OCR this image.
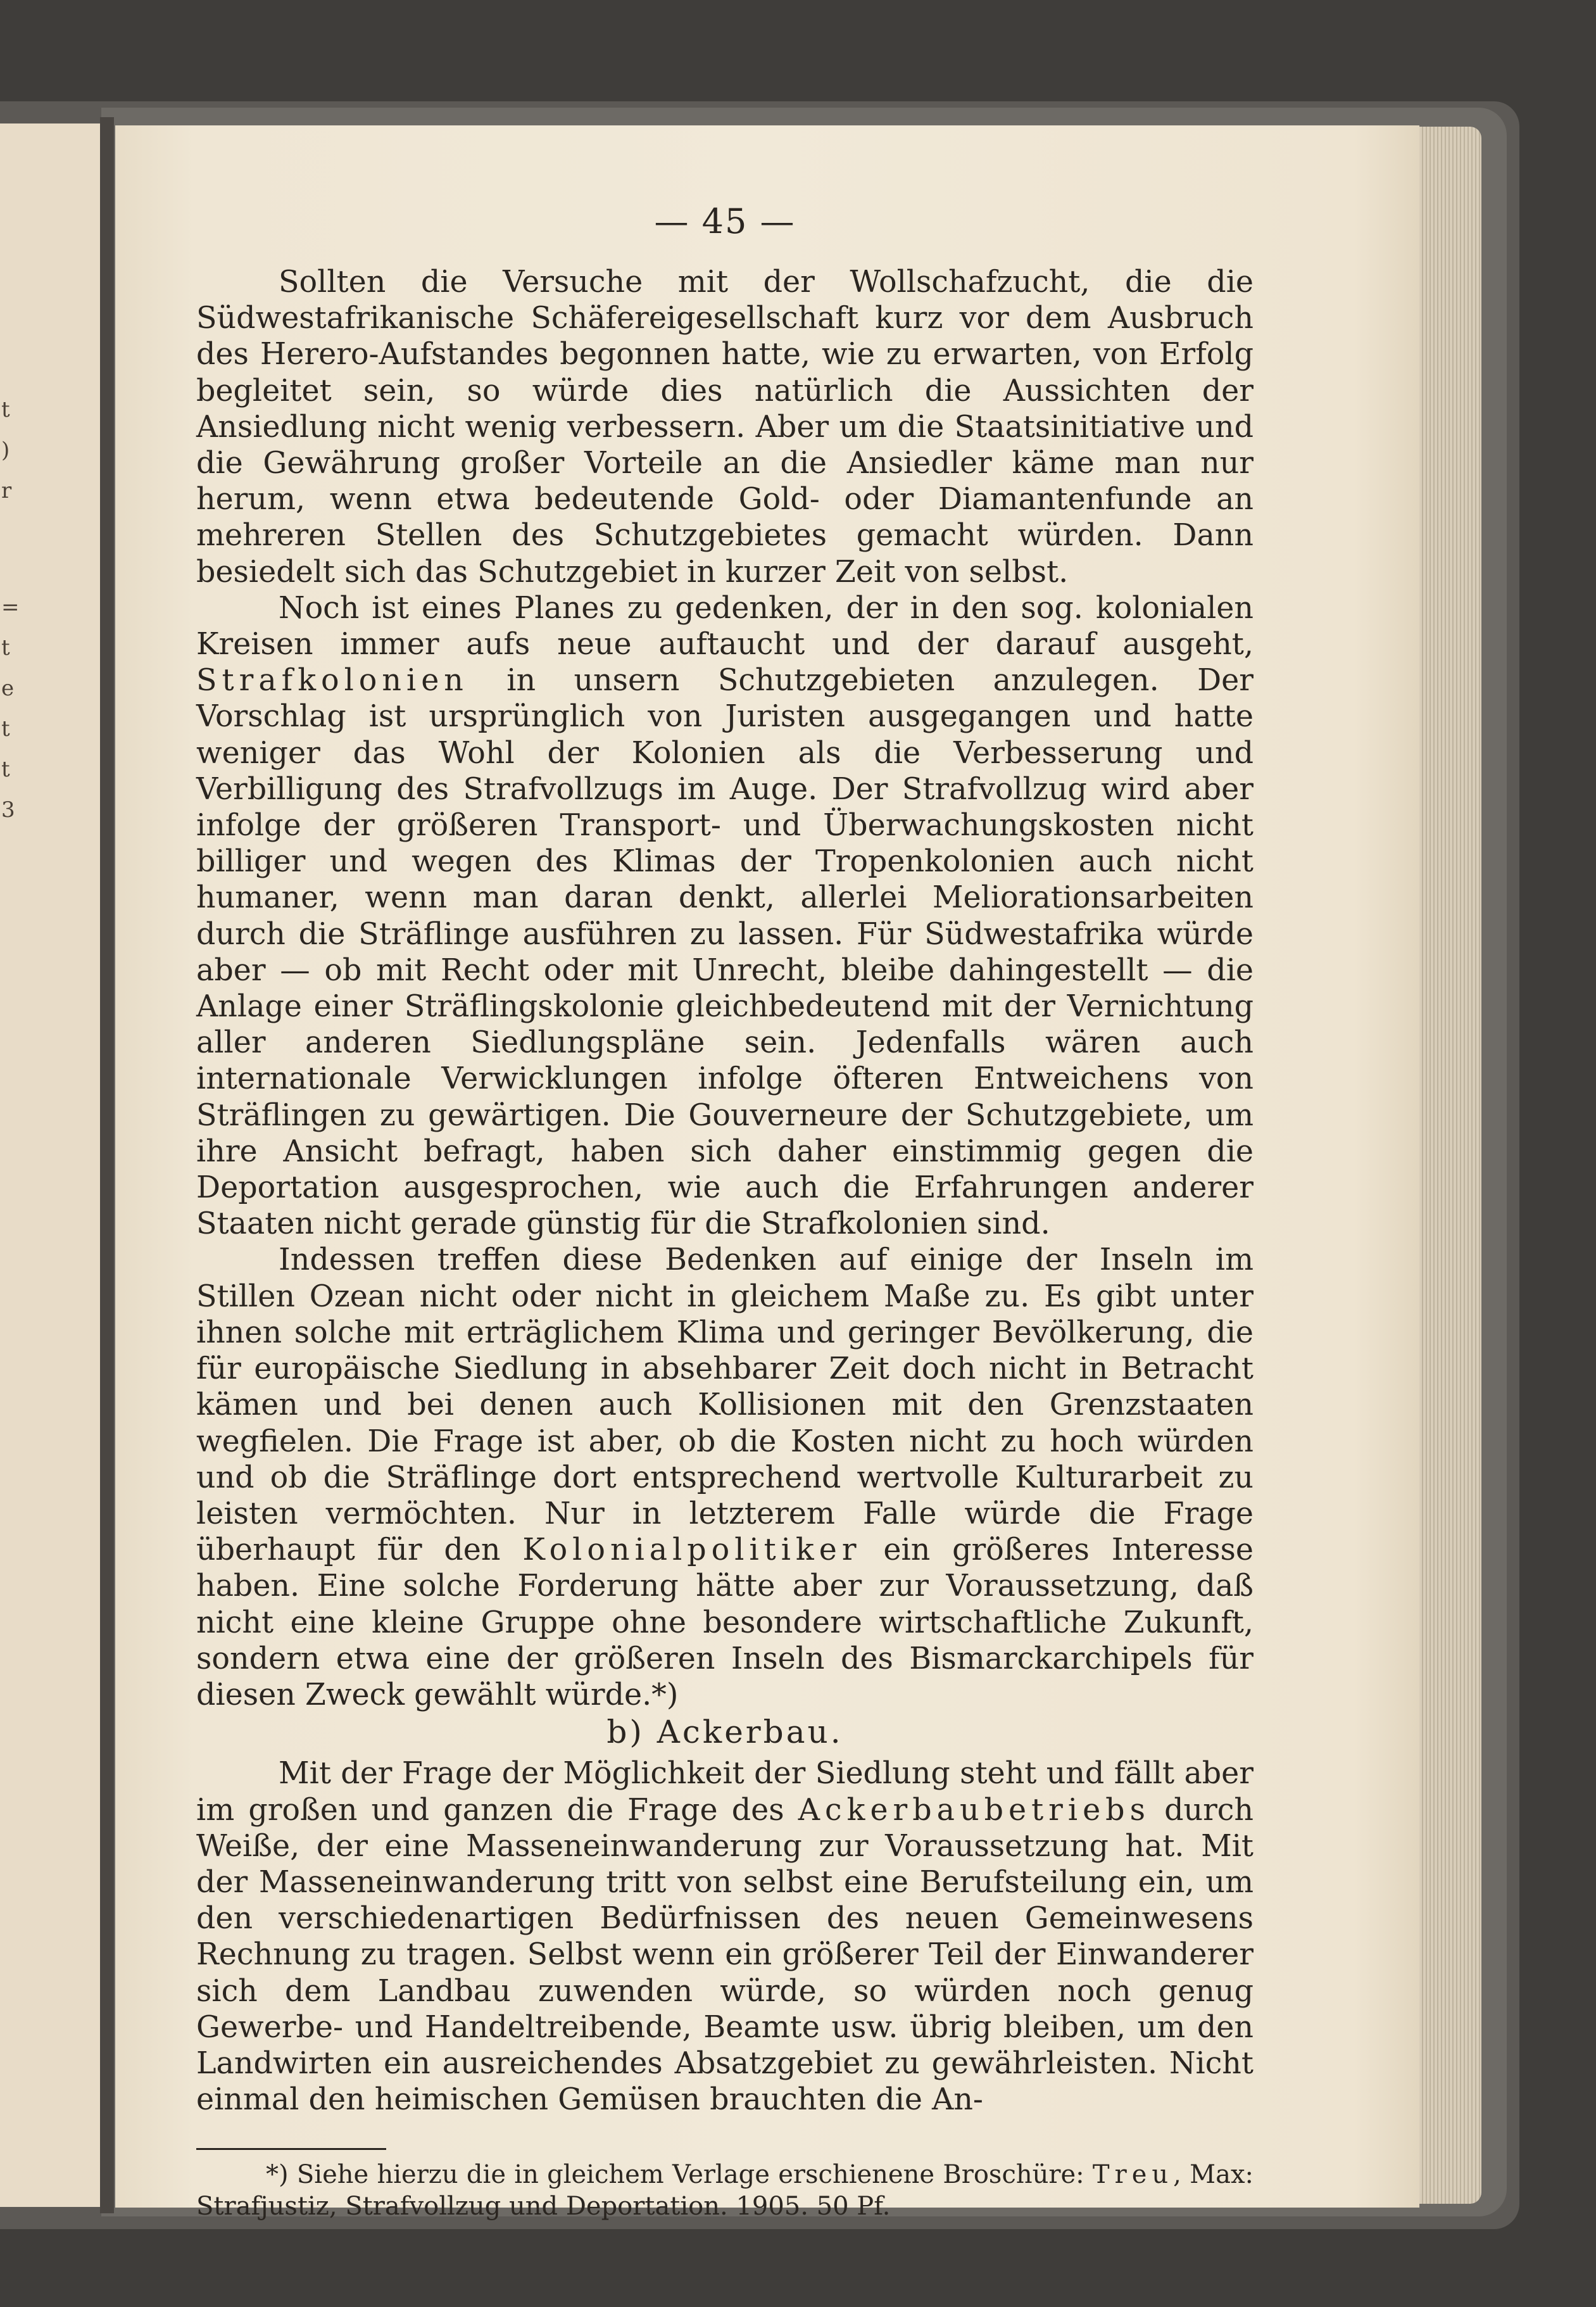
t
)
r
=
t
e
t
t
3
— 45 —

Sollten die Versuche mit der Wollschafzucht, die die Südwestafrikanische Schäfereigesellschaft kurz vor dem Ausbruch des Herero-Aufstandes begonnen hatte, wie zu erwarten, von Erfolg begleitet sein, so würde dies natürlich die Aussichten der Ansiedlung nicht wenig verbessern. Aber um die Staatsinitiative und die Gewährung großer Vorteile an die Ansiedler käme man nur herum, wenn etwa bedeutende Gold- oder Diamantenfunde an mehreren Stellen des Schutzgebietes gemacht würden. Dann besiedelt sich das Schutzgebiet in kurzer Zeit von selbst.

Noch ist eines Planes zu gedenken, der in den sog. kolonialen Kreisen immer aufs neue auftaucht und der darauf ausgeht, Strafkolonien in unsern Schutzgebieten anzulegen. Der Vorschlag ist ursprünglich von Juristen ausgegangen und hatte weniger das Wohl der Kolonien als die Verbesserung und Verbilligung des Strafvollzugs im Auge. Der Strafvollzug wird aber infolge der größeren Transport- und Überwachungskosten nicht billiger und wegen des Klimas der Tropenkolonien auch nicht humaner, wenn man daran denkt, allerlei Meliorationsarbeiten durch die Sträflinge ausführen zu lassen. Für Südwestafrika würde aber — ob mit Recht oder mit Unrecht, bleibe dahingestellt — die Anlage einer Sträflingskolonie gleichbedeutend mit der Vernichtung aller anderen Siedlungspläne sein. Jedenfalls wären auch internationale Verwicklungen infolge öfteren Entweichens von Sträflingen zu gewärtigen. Die Gouverneure der Schutzgebiete, um ihre Ansicht befragt, haben sich daher einstimmig gegen die Deportation ausgesprochen, wie auch die Erfahrungen anderer Staaten nicht gerade günstig für die Strafkolonien sind.

Indessen treffen diese Bedenken auf einige der Inseln im Stillen Ozean nicht oder nicht in gleichem Maße zu. Es gibt unter ihnen solche mit erträglichem Klima und geringer Bevölkerung, die für europäische Siedlung in absehbarer Zeit doch nicht in Betracht kämen und bei denen auch Kollisionen mit den Grenzstaaten wegfielen. Die Frage ist aber, ob die Kosten nicht zu hoch würden und ob die Sträflinge dort entsprechend wertvolle Kulturarbeit zu leisten vermöchten. Nur in letzterem Falle würde die Frage überhaupt für den Kolonialpolitiker ein größeres Interesse haben. Eine solche Forderung hätte aber zur Voraussetzung, daß nicht eine kleine Gruppe ohne besondere wirtschaftliche Zukunft, sondern etwa eine der größeren Inseln des Bismarckarchipels für diesen Zweck gewählt würde.*)

b) Ackerbau.

Mit der Frage der Möglichkeit der Siedlung steht und fällt aber im großen und ganzen die Frage des Ackerbaubetriebs durch Weiße, der eine Masseneinwanderung zur Voraussetzung hat. Mit der Masseneinwanderung tritt von selbst eine Berufsteilung ein, um den verschiedenartigen Bedürfnissen des neuen Gemeinwesens Rechnung zu tragen. Selbst wenn ein größerer Teil der Einwanderer sich dem Landbau zuwenden würde, so würden noch genug Gewerbe- und Handeltreibende, Beamte usw. übrig bleiben, um den Landwirten ein ausreichendes Absatzgebiet zu gewährleisten. Nicht einmal den heimischen Gemüsen brauchten die An-

*) Siehe hierzu die in gleichem Verlage erschienene Broschüre: Treu, Max: Strafjustiz, Strafvollzug und Deportation. 1905. 50 Pf.
